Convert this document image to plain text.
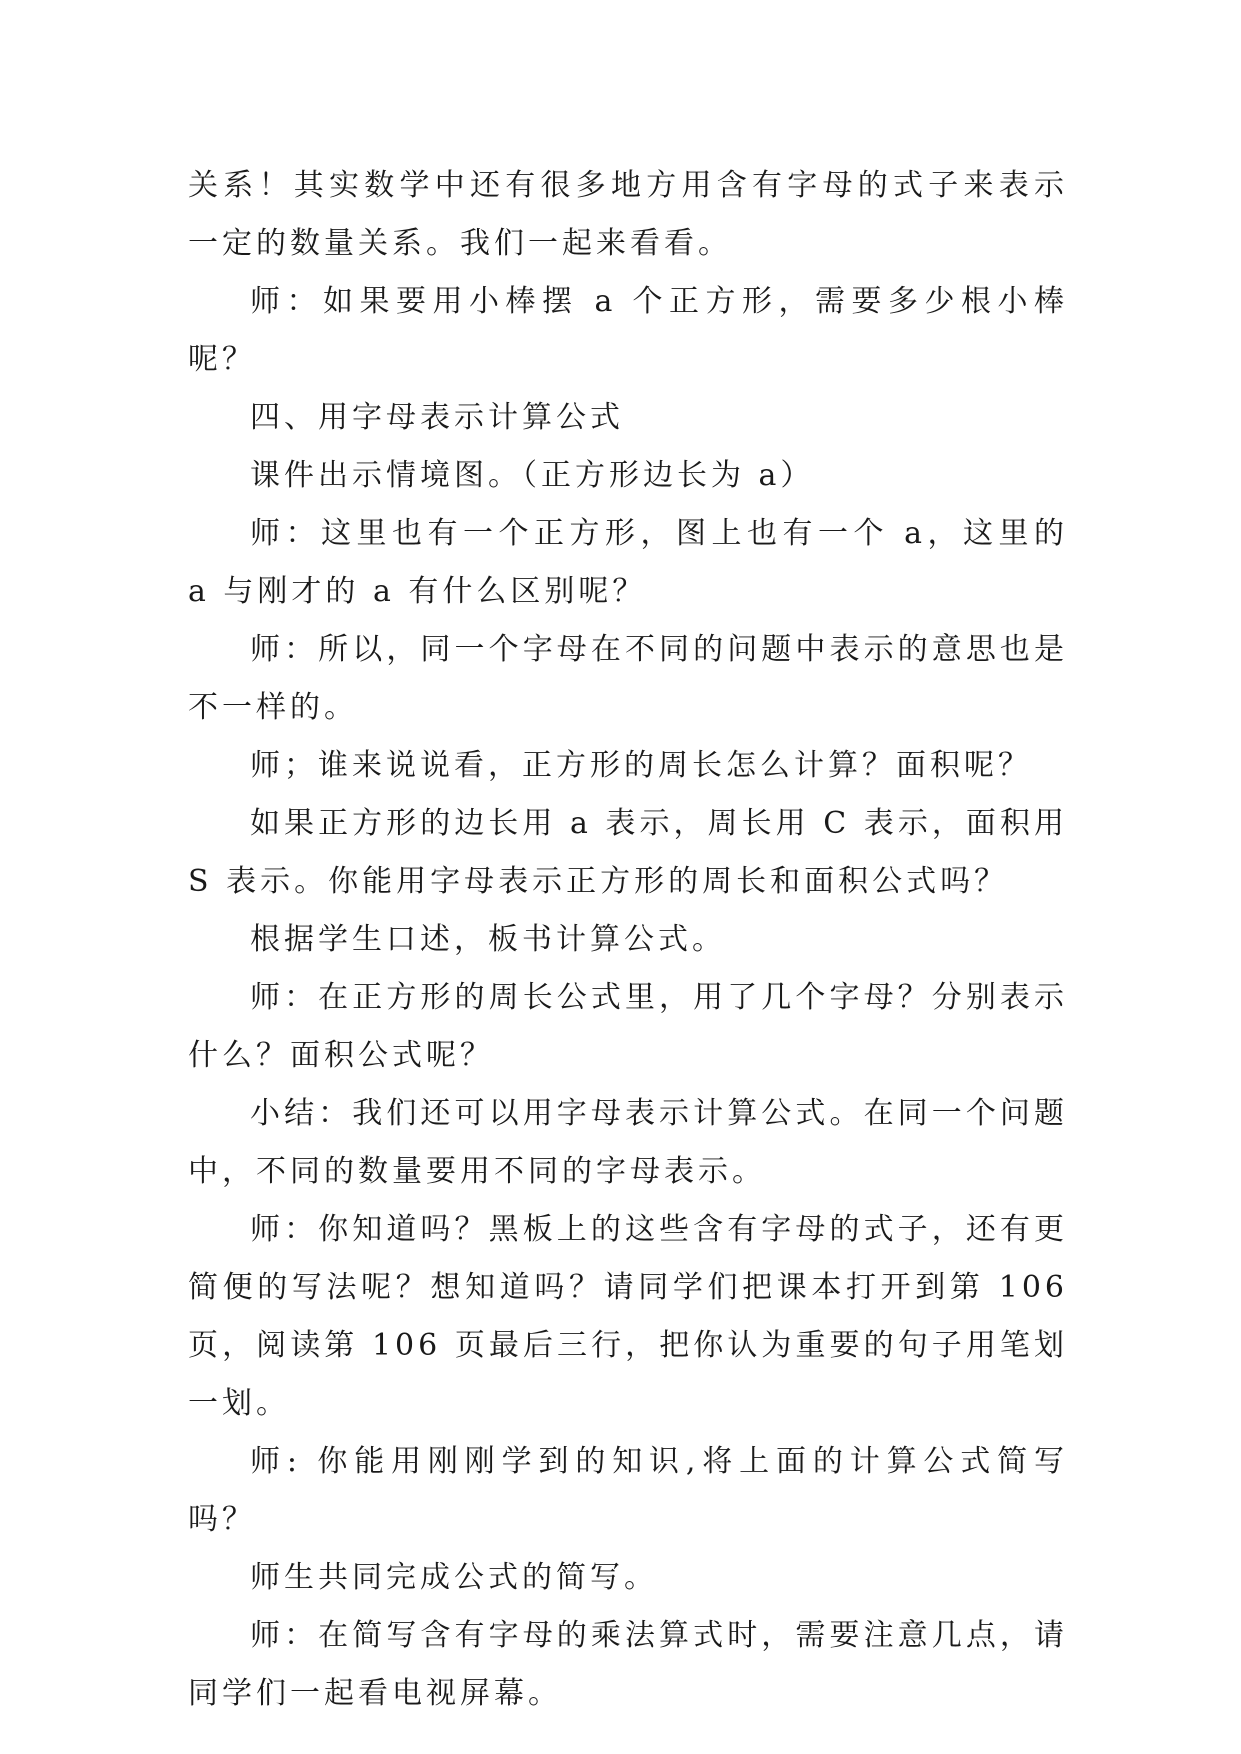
关系！其实数学中还有很多地方用含有字母的式子来表示一定的数量关系。我们一起来看看。

师：如果要用小棒摆 a 个正方形，需要多少根小棒呢？

四、用字母表示计算公式

课件出示情境图。（正方形边长为 a）

师：这里也有一个正方形，图上也有一个 a，这里的 a 与刚才的 a 有什么区别呢？

师：所以，同一个字母在不同的问题中表示的意思也是不一样的。

师；谁来说说看，正方形的周长怎么计算？面积呢？

如果正方形的边长用 a 表示，周长用 C 表示，面积用 S 表示。你能用字母表示正方形的周长和面积公式吗？

根据学生口述，板书计算公式。

师：在正方形的周长公式里，用了几个字母？分别表示什么？面积公式呢？

小结：我们还可以用字母表示计算公式。在同一个问题中，不同的数量要用不同的字母表示。

师：你知道吗？黑板上的这些含有字母的式子，还有更简便的写法呢？想知道吗？请同学们把课本打开到第 106 页，阅读第 106 页最后三行，把你认为重要的句子用笔划一划。

师: 你能用刚刚学到的知识,将上面的计算公式简写吗？

师生共同完成公式的简写。

师：在简写含有字母的乘法算式时，需要注意几点，请同学们一起看电视屏幕。
